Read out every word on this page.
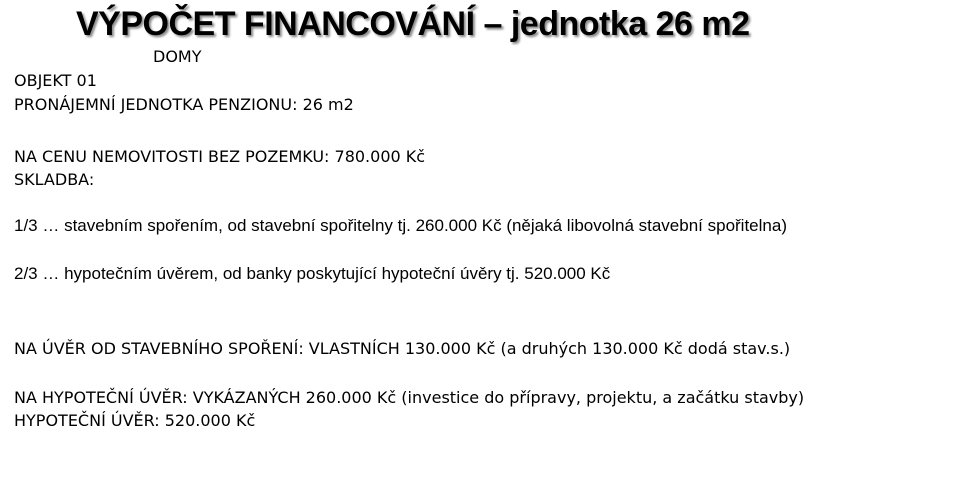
VÝPOČET FINANCOVÁNÍ – jednotka 26 m2
DOMY
OBJEKT 01
PRONÁJEMNÍ JEDNOTKA PENZIONU: 26 m2
NA CENU NEMOVITOSTI BEZ POZEMKU: 780.000 Kč
SKLADBA:
1/3 … stavebním spořením, od stavební spořitelny tj. 260.000 Kč (nějaká libovolná stavební spořitelna)
2/3 … hypotečním úvěrem, od banky poskytující hypoteční úvěry tj. 520.000 Kč
NA ÚVĚR OD STAVEBNÍHO SPOŘENÍ: VLASTNÍCH 130.000 Kč (a druhých 130.000 Kč dodá stav.s.)
NA HYPOTEČNÍ ÚVĚR: VYKÁZANÝCH 260.000 Kč (investice do přípravy, projektu, a začátku stavby)
HYPOTEČNÍ ÚVĚR: 520.000 Kč
